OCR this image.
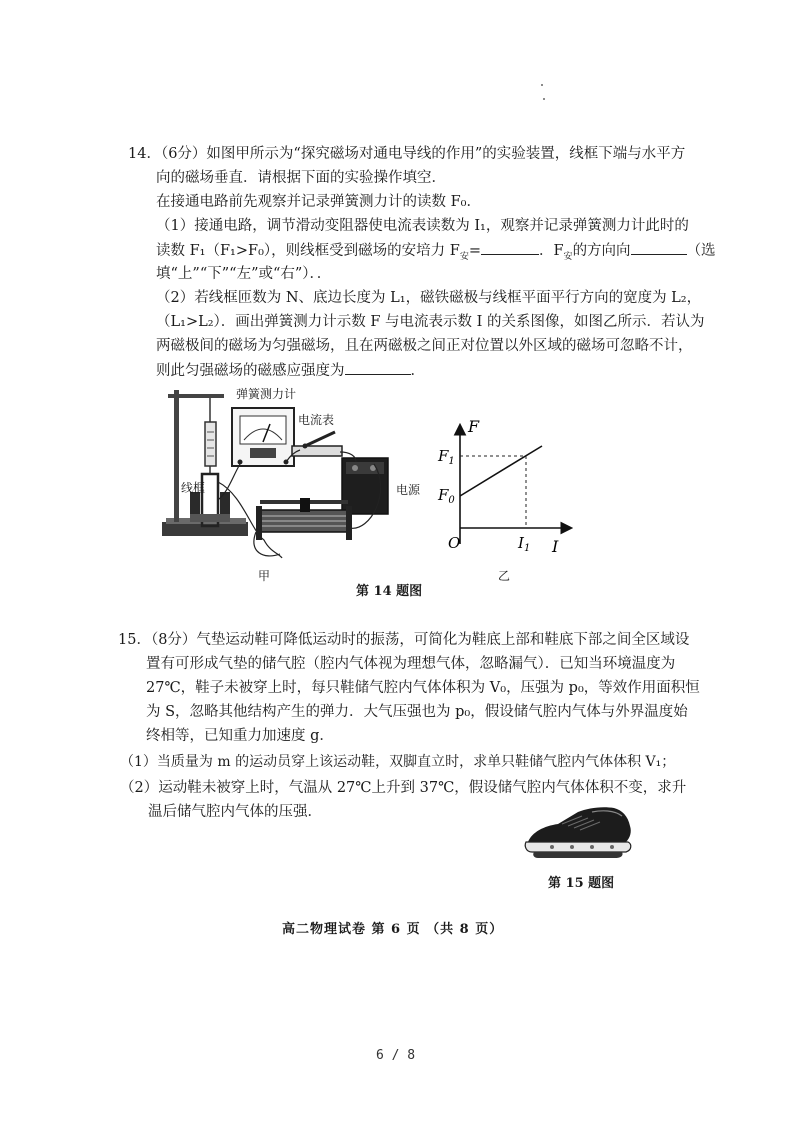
14．（6分）如图甲所示为“探究磁场对通电导线的作用”的实验装置，线框下端与水平方
向的磁场垂直．请根据下面的实验操作填空．
在接通电路前先观察并记录弹簧测力计的读数 F₀．
（1）接通电路，调节滑动变阻器使电流表读数为 I₁，观察并记录弹簧测力计此时的
读数 F₁（F₁>F₀），则线框受到磁场的安培力 $F_安=$	．$F_安$的方向向	（选
填“上”“下”“左”或“右”）．．
（2）若线框匝数为 N、底边长度为 L₁，磁铁磁极与线框平面平行方向的宽度为 L₂，
（L₁>L₂）．画出弹簧测力计示数 F 与电流表示数 I 的关系图像，如图乙所示．若认为
两磁极间的磁场为匀强磁场，且在两磁极之间正对位置以外区域的磁场可忽略不计，
则此匀强磁场的磁感应强度为	．
弹簧测力计
电流表
线框	电源
甲	乙
第 14 题图
F
I
O
$F_1$
$F_0$
$I_1$
15．（8分）气垫运动鞋可降低运动时的振荡，可简化为鞋底上部和鞋底下部之间全区域设
置有可形成气垫的储气腔（腔内气体视为理想气体，忽略漏气）．已知当环境温度为
27℃，鞋子未被穿上时，每只鞋储气腔内气体体积为 V₀，压强为 p₀，等效作用面积恒
为 S，忽略其他结构产生的弹力．大气压强也为 p₀，假设储气腔内气体与外界温度始
终相等，已知重力加速度 g．
（1）当质量为 m 的运动员穿上该运动鞋，双脚直立时，求单只鞋储气腔内气体体积 V₁；
（2）运动鞋未被穿上时，气温从 27℃上升到 37℃，假设储气腔内气体体积不变，求升
温后储气腔内气体的压强．
第 15 题图
高二物理试卷 第 6 页 （共 8 页）
6 / 8
